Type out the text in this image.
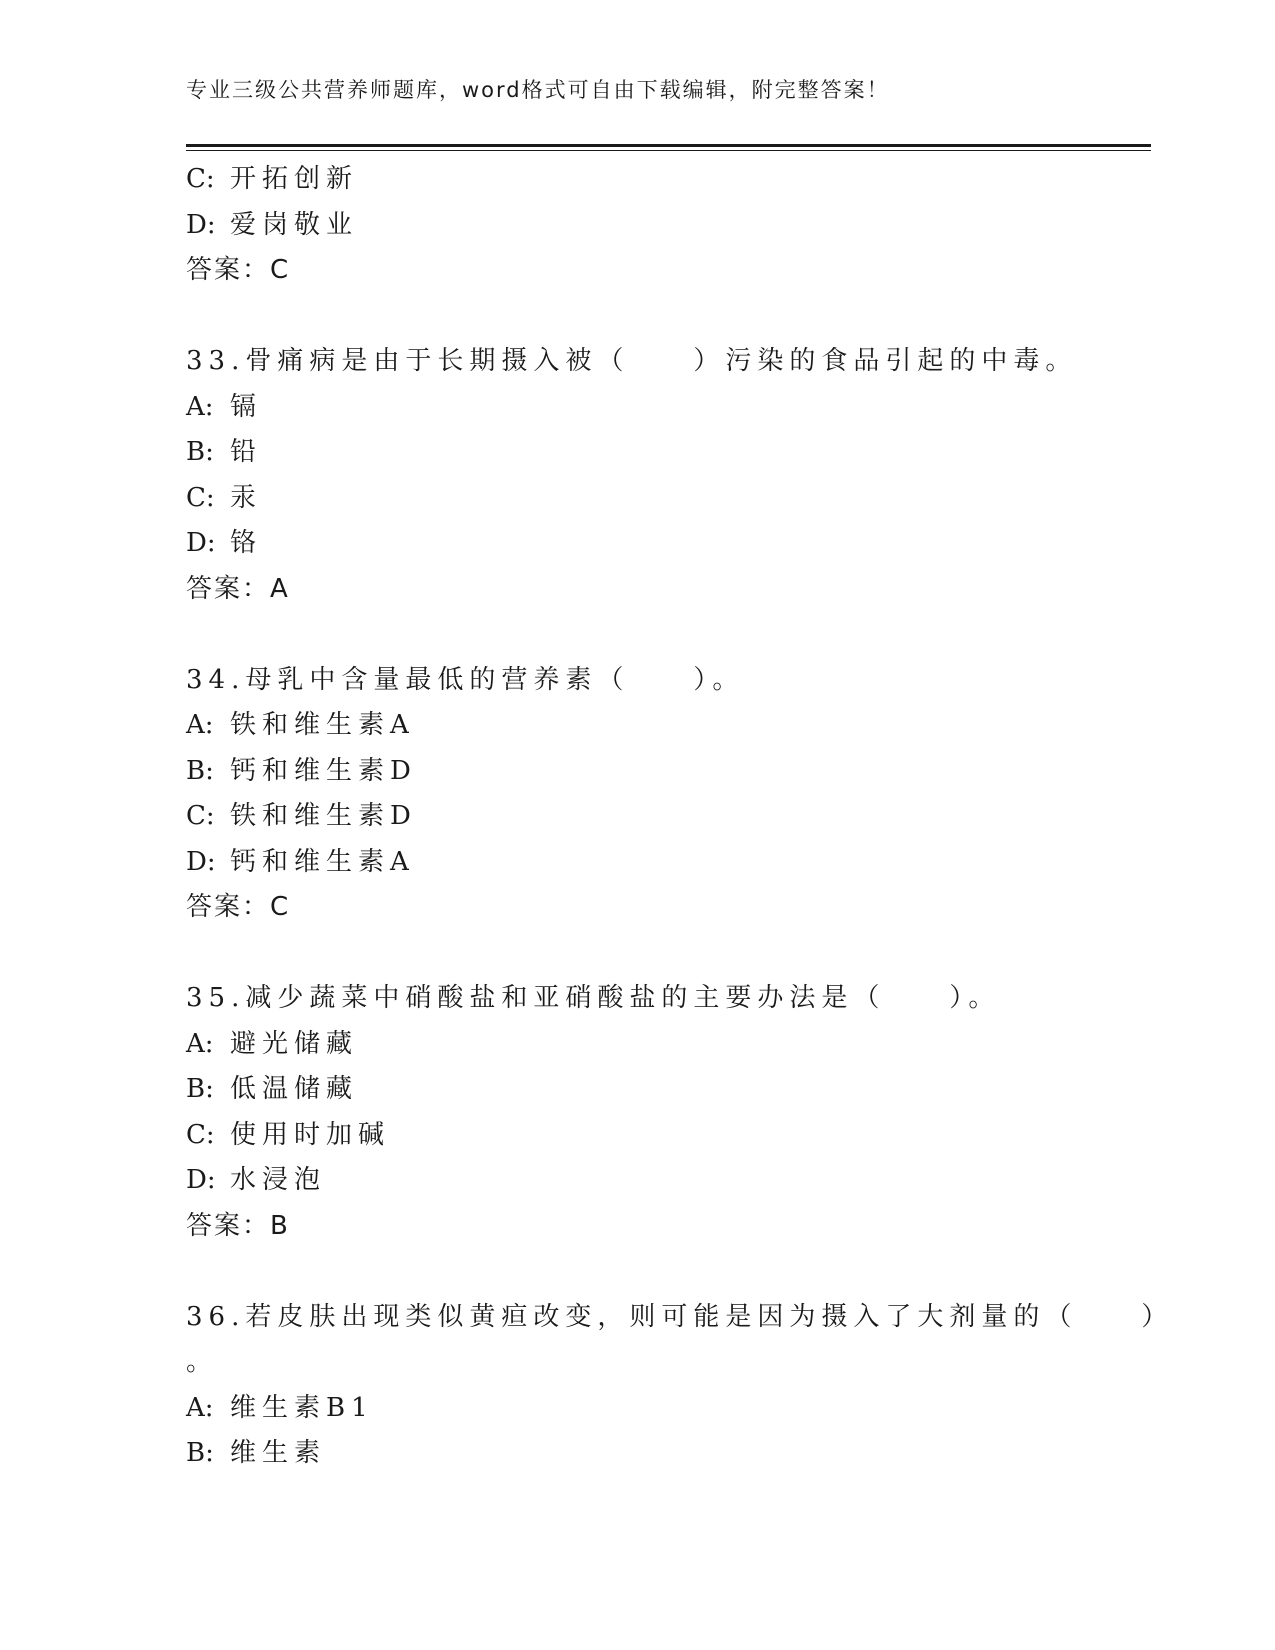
专业三级公共营养师题库，word格式可自由下载编辑，附完整答案！
C: 开拓创新
D: 爱岗敬业
答案：C
33.骨痛病是由于长期摄入被（　　）污染的食品引起的中毒。
A: 镉
B: 铅
C: 汞
D: 铬
答案：A
34.母乳中含量最低的营养素（　　）。
A: 铁和维生素A
B: 钙和维生素D
C: 铁和维生素D
D: 钙和维生素A
答案：C
35.减少蔬菜中硝酸盐和亚硝酸盐的主要办法是（　　）。
A: 避光储藏
B: 低温储藏
C: 使用时加碱
D: 水浸泡
答案：B
36.若皮肤出现类似黄疸改变，则可能是因为摄入了大剂量的（　　）
。
A: 维生素B1
B: 维生素
